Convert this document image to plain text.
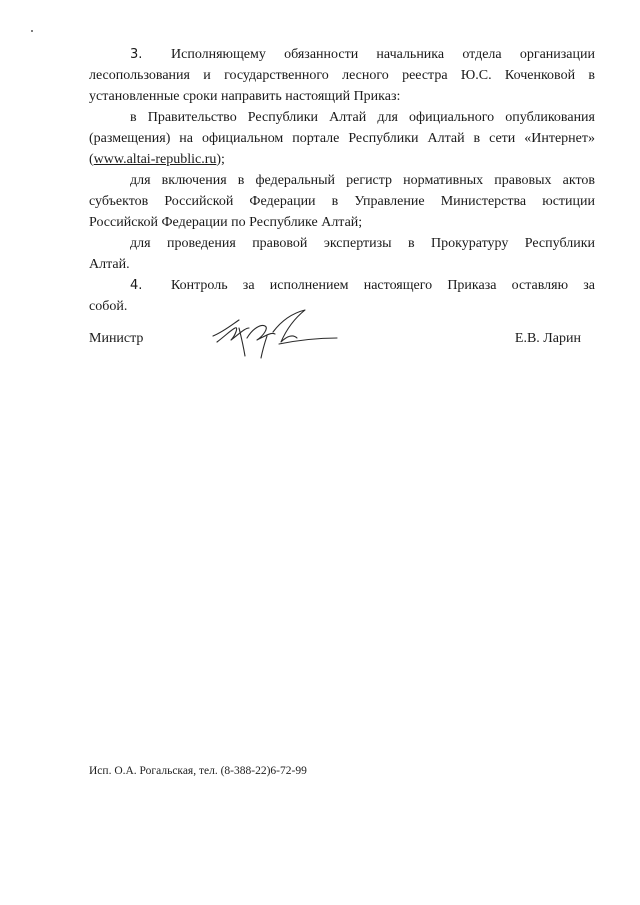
3.	Исполняющему обязанности начальника отдела организации
лесопользования и государственного лесного реестра Ю.С. Коченковой в
установленные сроки направить настоящий Приказ:
в Правительство Республики Алтай для официального опубликования
(размещения) на официальном портале Республики Алтай в сети «Интернет»
(www.altai-republic.ru);
для включения в федеральный регистр нормативных правовых актов
субъектов Российской Федерации в Управление Министерства юстиции
Российской Федерации по Республике Алтай;
для проведения правовой экспертизы в Прокуратуру Республики
Алтай.
4.	Контроль за исполнением настоящего Приказа оставляю за
собой.
Министр	Е.В. Ларин
Исп. О.А. Рогальская, тел. (8-388-22)6-72-99
